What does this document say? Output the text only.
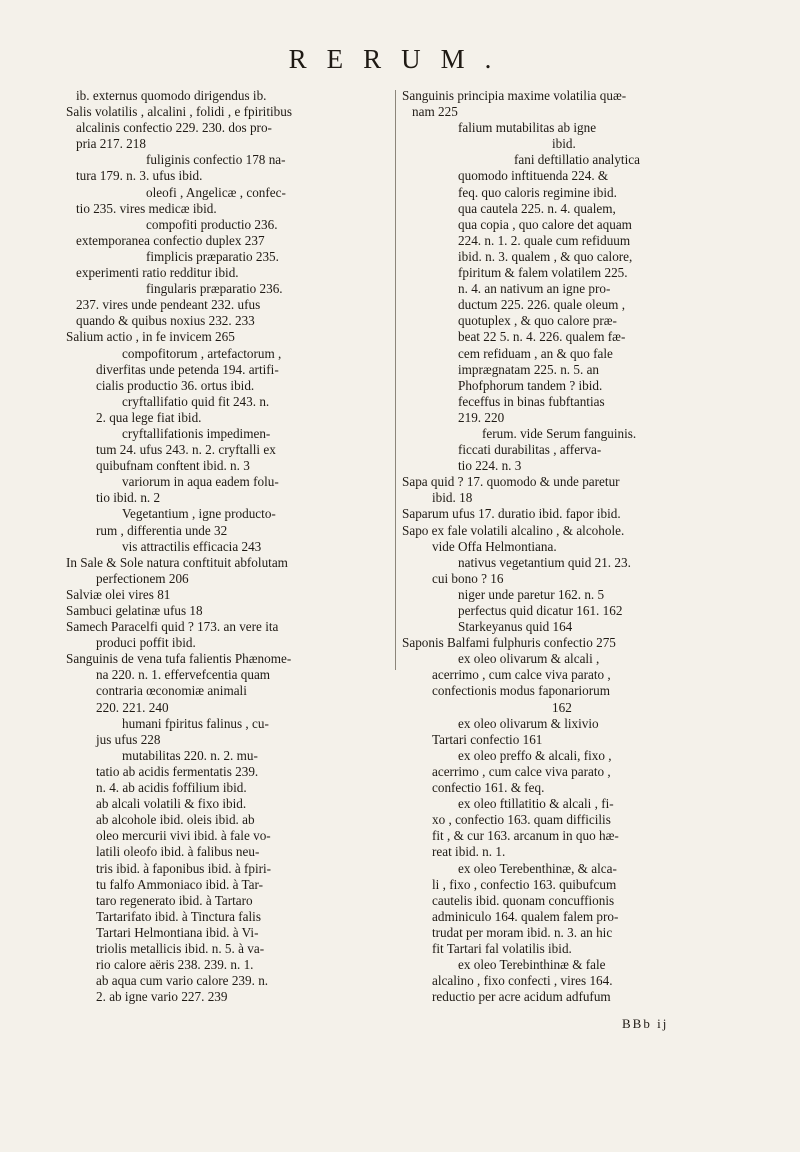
RERUM.
ib. externus quomodo dirigendus ib.
Salis volatilis , alcalini , folidi , e fpiritibus
alcalinis confectio 229. 230. dos pro-
pria 217. 218
fuliginis confectio 178 na-
tura 179. n. 3. ufus ibid.
oleofi , Angelicæ , confec-
tio 235. vires medicæ ibid.
compofiti productio 236.
extemporanea confectio duplex 237
fimplicis præparatio 235.
experimenti ratio redditur ibid.
fingularis præparatio 236.
237. vires unde pendeant 232. ufus
quando & quibus noxius 232. 233
Salium actio , in fe invicem 265
compofitorum , artefactorum ,
diverfitas unde petenda 194. artifi-
cialis productio 36. ortus ibid.
cryftallifatio quid fit 243. n.
2. qua lege fiat ibid.
cryftallifationis impedimen-
tum 24. ufus 243. n. 2. cryftalli ex
quibufnam conftent ibid. n. 3
variorum in aqua eadem folu-
tio ibid. n. 2
Vegetantium , igne producto-
rum , differentia unde 32
vis attractilis efficacia 243
In Sale & Sole natura conftituit abfolutam
perfectionem 206
Salviæ olei vires 81
Sambuci gelatinæ ufus 18
Samech Paracelfi quid ? 173. an vere ita
produci poffit ibid.
Sanguinis de vena tufa falientis Phænome-
na 220. n. 1. effervefcentia quam
contraria œconomiæ animali
220. 221. 240
humani fpiritus falinus , cu-
jus ufus 228
mutabilitas 220. n. 2. mu-
tatio ab acidis fermentatis 239.
n. 4. ab acidis foffilium ibid.
ab alcali volatili & fixo ibid.
ab alcohole ibid. oleis ibid. ab
oleo mercurii vivi ibid. à fale vo-
latili oleofo ibid. à falibus neu-
tris ibid. à faponibus ibid. à fpiri-
tu falfo Ammoniaco ibid. à Tar-
taro regenerato ibid. à Tartaro
Tartarifato ibid. à Tinctura falis
Tartari Helmontiana ibid. à Vi-
triolis metallicis ibid. n. 5. à va-
rio calore aëris 238. 239. n. 1.
ab aqua cum vario calore 239. n.
2. ab igne vario 227. 239
Sanguinis principia maxime volatilia quæ-
nam 225
falium mutabilitas ab igne
ibid.
fani deftillatio analytica
quomodo inftituenda 224. &
feq. quo caloris regimine ibid.
qua cautela 225. n. 4. qualem,
qua copia , quo calore det aquam
224. n. 1. 2. quale cum refiduum
ibid. n. 3. qualem , & quo calore,
fpiritum & falem volatilem 225.
n. 4. an nativum an igne pro-
ductum 225. 226. quale oleum ,
quotuplex , & quo calore præ-
beat 22 5. n. 4. 226. qualem fæ-
cem refiduam , an & quo fale
imprægnatam 225. n. 5. an
Phofphorum tandem ? ibid.
feceffus in binas fubftantias
219. 220
ferum. vide Serum fanguinis.
ficcati durabilitas , afferva-
tio 224. n. 3
Sapa quid ? 17. quomodo & unde paretur
ibid. 18
Saparum ufus 17. duratio ibid. fapor ibid.
Sapo ex fale volatili alcalino , & alcohole.
vide Offa Helmontiana.
nativus vegetantium quid 21. 23.
cui bono ? 16
niger unde paretur 162. n. 5
perfectus quid dicatur 161. 162
Starkeyanus quid 164
Saponis Balfami fulphuris confectio 275
ex oleo olivarum & alcali ,
acerrimo , cum calce viva parato ,
confectionis modus faponariorum
162
ex oleo olivarum & lixivio
Tartari confectio 161
ex oleo preffo & alcali, fixo ,
acerrimo , cum calce viva parato ,
confectio 161. & feq.
ex oleo ftillatitio & alcali , fi-
xo , confectio 163. quam difficilis
fit , & cur 163. arcanum in quo hæ-
reat ibid. n. 1.
ex oleo Terebenthinæ, & alca-
li , fixo , confectio 163. quibufcum
cautelis ibid. quonam concuffionis
adminiculo 164. qualem falem pro-
trudat per moram ibid. n. 3. an hic
fit Tartari fal volatilis ibid.
ex oleo Terebinthinæ & fale
alcalino , fixo confecti , vires 164.
reductio per acre acidum adfufum
BBb ij
